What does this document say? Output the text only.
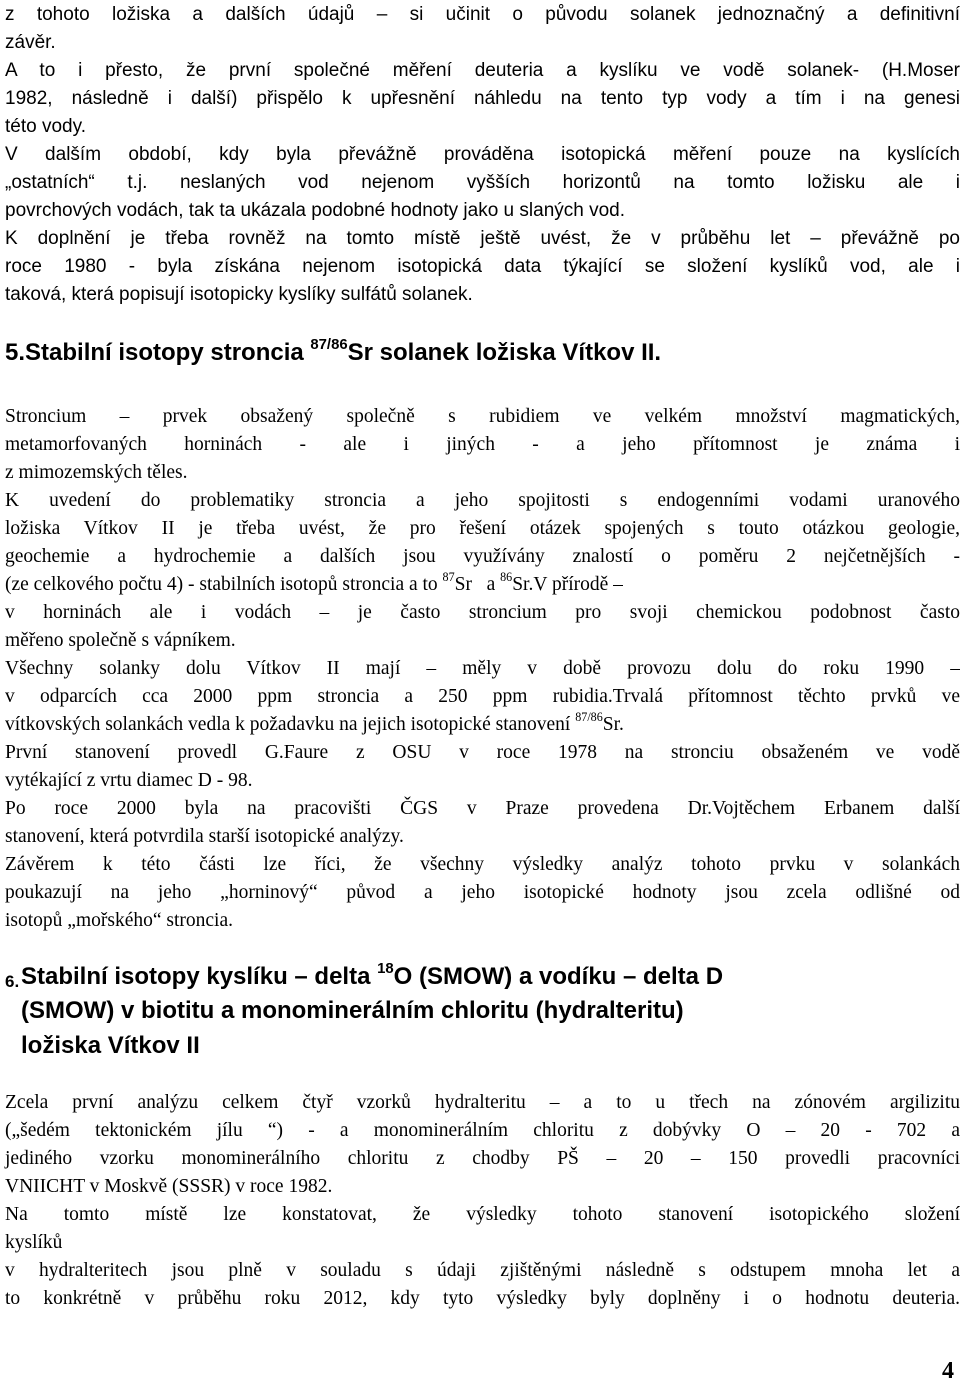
z tohoto ložiska a dalších údajů – si učinit o původu solanek jednoznačný a definitivní
závěr.
A to i přesto, že první společné měření deuteria a kyslíku ve vodě solanek- (H.Moser
1982, následně i další) přispělo k upřesnění náhledu na tento typ vody a tím i na genesi
této vody.
V dalším období, kdy byla převážně prováděna isotopická měření pouze na kyslících
„ostatních“ t.j. neslaných vod nejenom vyšších horizontů na tomto ložisku ale i
povrchových vodách, tak ta ukázala podobné hodnoty jako u slaných vod.
K doplnění je třeba rovněž na tomto místě ještě uvést, že v průběhu let – převážně po
roce 1980 - byla získána nejenom isotopická data týkající se složení kyslíků vod, ale i
taková, která popisují isotopicky kyslíky sulfátů solanek.
5.Stabilní isotopy stroncia $^{87/86}$Sr solanek ložiska Vítkov II.
Stroncium – prvek obsažený společně s rubidiem ve velkém množství magmatických,
metamorfovaných horninách - ale i jiných - a jeho přítomnost je známa i
z mimozemských těles.
K uvedení do problematiky stroncia a jeho spojitosti s endogenními vodami uranového
ložiska Vítkov II je třeba uvést, že pro řešení otázek spojených s touto otázkou geologie,
geochemie a hydrochemie a dalších jsou využívány znalostí o poměru 2 nejčetnějších -
(ze celkového počtu 4) - stabilních isotopů stroncia a to $^{87}$Sr   a $^{86}$Sr.V přírodě –
v horninách ale i vodách – je často stroncium pro svoji chemickou podobnost často
měřeno společně s vápníkem.
Všechny solanky dolu Vítkov II mají – měly v době provozu dolu do roku 1990 –
v odparcích cca 2000 ppm stroncia a 250 ppm rubidia.Trvalá přítomnost těchto prvků ve
vítkovských solankách vedla k požadavku na jejich isotopické stanovení $^{87/86}$Sr.
První stanovení provedl G.Faure z OSU v roce 1978 na stronciu obsaženém ve vodě
vytékající z vrtu diamec D - 98.
Po roce 2000 byla na pracovišti ČGS v Praze provedena Dr.Vojtěchem Erbanem další
stanovení, která potvrdila starší isotopické analýzy.
Závěrem k této části lze říci, že všechny výsledky analýz tohoto prvku v solankách
poukazují na jeho „horninový“ původ a jeho isotopické hodnoty jsou zcela odlišné od
isotopů „mořského“ stroncia.
6. Stabilní isotopy kyslíku – delta $^{18}$O (SMOW) a vodíku – delta D
(SMOW) v biotitu a monominerálním chloritu (hydralteritu)
ložiska Vítkov II
Zcela první analýzu celkem čtyř vzorků hydralteritu – a to u třech na zónovém argilizitu
(„šedém tektonickém jílu “) - a monominerálním chloritu z dobývky O – 20 - 702 a
jediného vzorku monominerálního chloritu z chodby PŠ – 20 – 150 provedli pracovníci
VNIICHT v Moskvě (SSSR) v roce 1982.
Na tomto místě lze konstatovat, že výsledky tohoto stanovení isotopického složení
kyslíků
v hydralteritech jsou plně v souladu s údaji zjištěnými následně s odstupem mnoha let a
to konkrétně v průběhu roku 2012, kdy tyto výsledky byly doplněny i o hodnotu deuteria.
4
